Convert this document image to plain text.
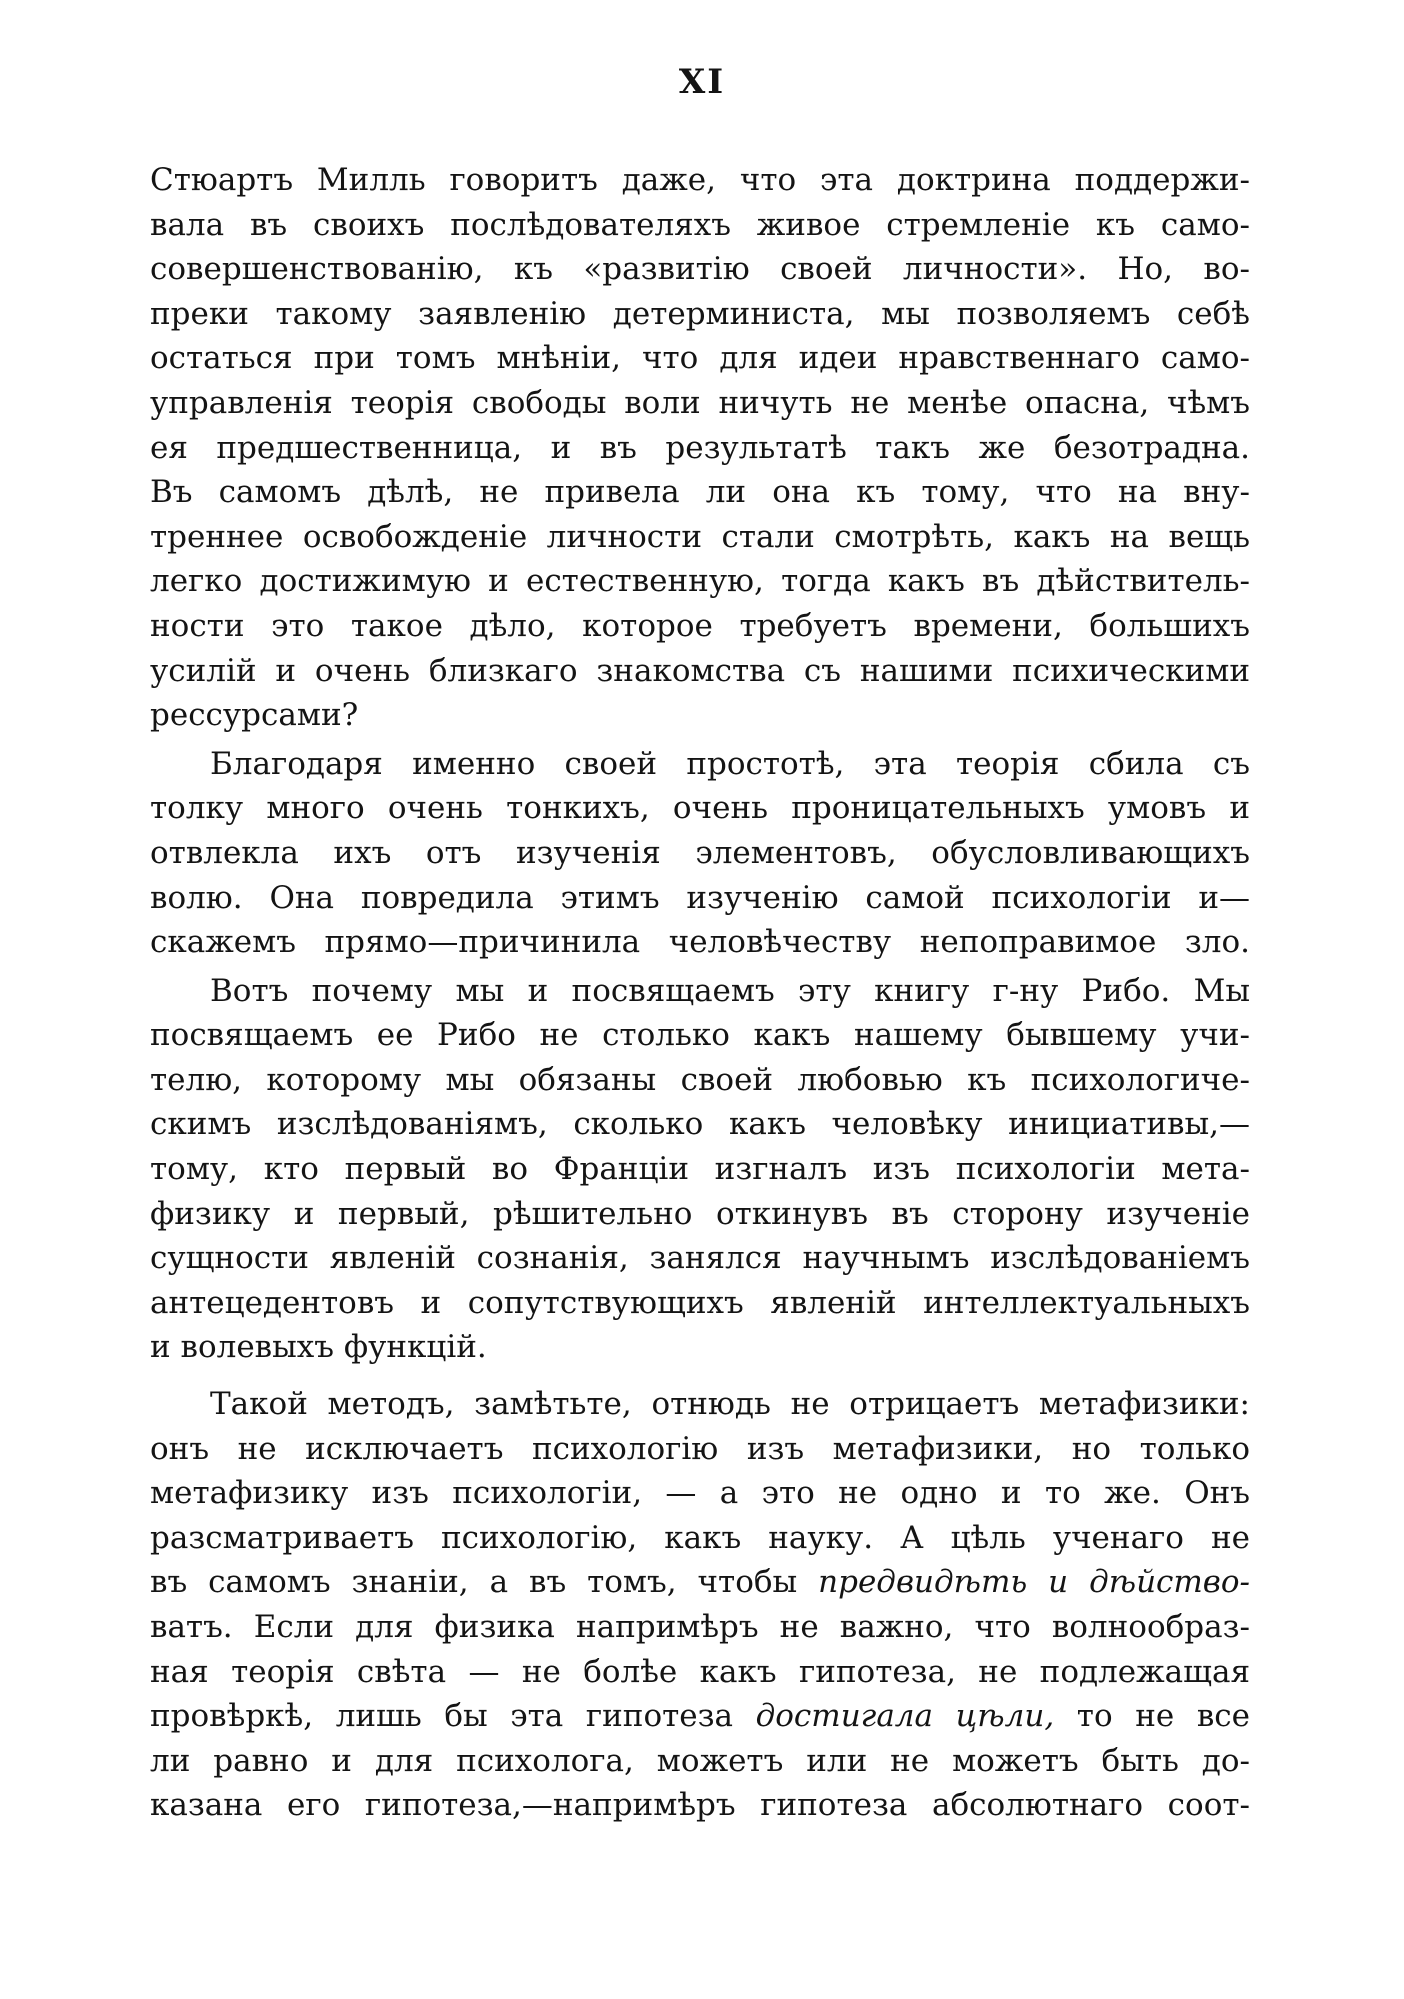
XI
Стюартъ Милль говоритъ даже, что эта доктрина поддержи-
вала въ своихъ послѣдователяхъ живое стремленіе къ само-
совершенствованію, къ «развитію своей личности». Но, во-
преки такому заявленію детерминиста, мы позволяемъ себѣ
остаться при томъ мнѣніи, что для идеи нравственнаго само-
управленія теорія свободы воли ничуть не менѣе опасна, чѣмъ
ея предшественница, и въ результатѣ такъ же безотрадна.
Въ самомъ дѣлѣ, не привела ли она къ тому, что на вну-
треннее освобожденіе личности стали смотрѣть, какъ на вещь
легко достижимую и естественную, тогда какъ въ дѣйствитель-
ности это такое дѣло, которое требуетъ времени, большихъ
усилій и очень близкаго знакомства съ нашими психическими
рессурсами?
Благодаря именно своей простотѣ, эта теорія сбила съ
толку много очень тонкихъ, очень проницательныхъ умовъ и
отвлекла ихъ отъ изученія элементовъ, обусловливающихъ
волю. Она повредила этимъ изученію самой психологіи и—
скажемъ прямо—причинила человѣчеству непоправимое зло.
Вотъ почему мы и посвящаемъ эту книгу г-ну Рибо. Мы
посвящаемъ ее Рибо не столько какъ нашему бывшему учи-
телю, которому мы обязаны своей любовью къ психологиче-
скимъ изслѣдованіямъ, сколько какъ человѣку инициативы,—
тому, кто первый во Франціи изгналъ изъ психологіи мета-
физику и первый, рѣшительно откинувъ въ сторону изученіе
сущности явленій сознанія, занялся научнымъ изслѣдованіемъ
антецедентовъ и сопутствующихъ явленій интеллектуальныхъ
и волевыхъ функцій.
Такой методъ, замѣтьте, отнюдь не отрицаетъ метафизики:
онъ не исключаетъ психологію изъ метафизики, но только
метафизику изъ психологіи, — а это не одно и то же. Онъ
разсматриваетъ психологію, какъ науку. А цѣль ученаго не
въ самомъ знаніи, а въ томъ, чтобы предвидѣть и дѣйство-
ватъ. Если для физика напримѣръ не важно, что волнообраз-
ная теорія свѣта — не болѣе какъ гипотеза, не подлежащая
провѣркѣ, лишь бы эта гипотеза достигала цѣли, то не все
ли равно и для психолога, можетъ или не можетъ быть до-
казана его гипотеза,—напримѣръ гипотеза абсолютнаго соот-
